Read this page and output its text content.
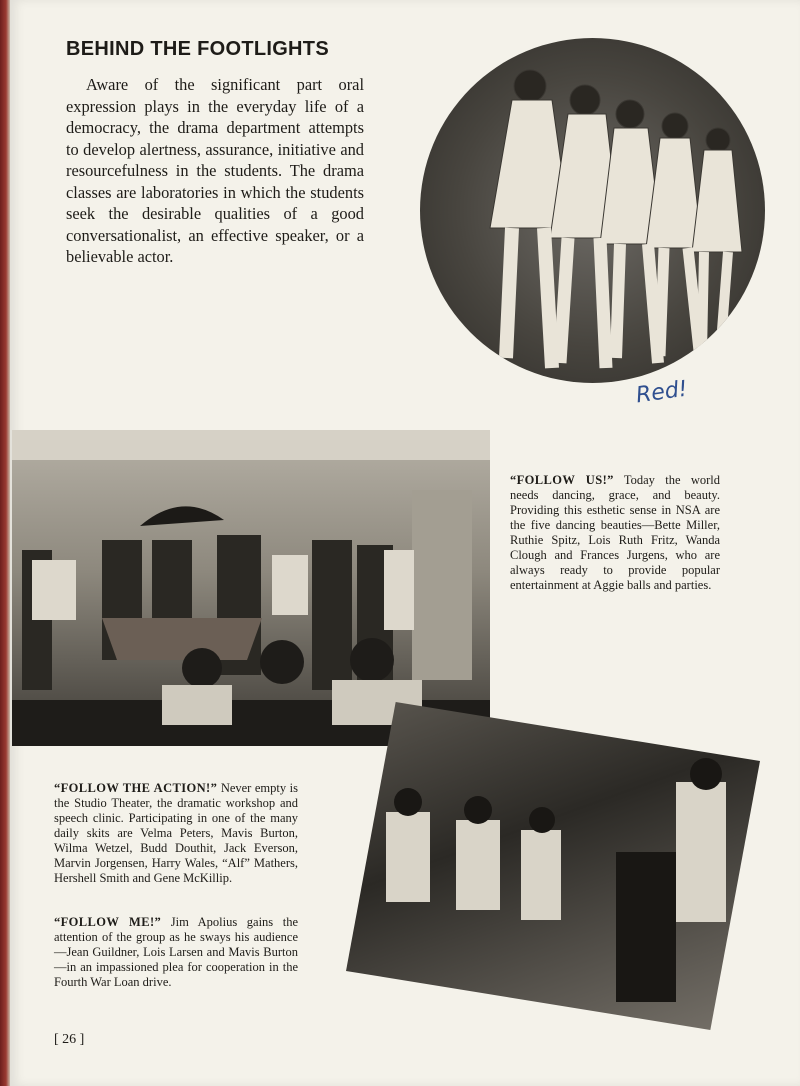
BEHIND THE FOOTLIGHTS

Aware of the significant part oral expression plays in the everyday life of a democracy, the drama department attempts to develop alertness, assurance, initiative and resourcefulness in the students. The drama classes are laboratories in which the students seek the desirable qualities of a good conversationalist, an effective speaker, or a believable actor.

Red!

“FOLLOW US!” Today the world needs dancing, grace, and beauty. Providing this esthetic sense in NSA are the five dancing beauties—Bette Miller, Ruthie Spitz, Lois Ruth Fritz, Wanda Clough and Frances Jurgens, who are always ready to provide popular entertainment at Aggie balls and parties.

“FOLLOW THE ACTION!” Never empty is the Studio Theater, the dramatic workshop and speech clinic. Participating in one of the many daily skits are Velma Peters, Mavis Burton, Wilma Wetzel, Budd Douthit, Jack Everson, Marvin Jorgensen, Harry Wales, “Alf” Mathers, Hershell Smith and Gene McKillip.

“FOLLOW ME!” Jim Apolius gains the attention of the group as he sways his audience—Jean Guildner, Lois Larsen and Mavis Burton—in an impassioned plea for cooperation in the Fourth War Loan drive.

[ 26 ]
